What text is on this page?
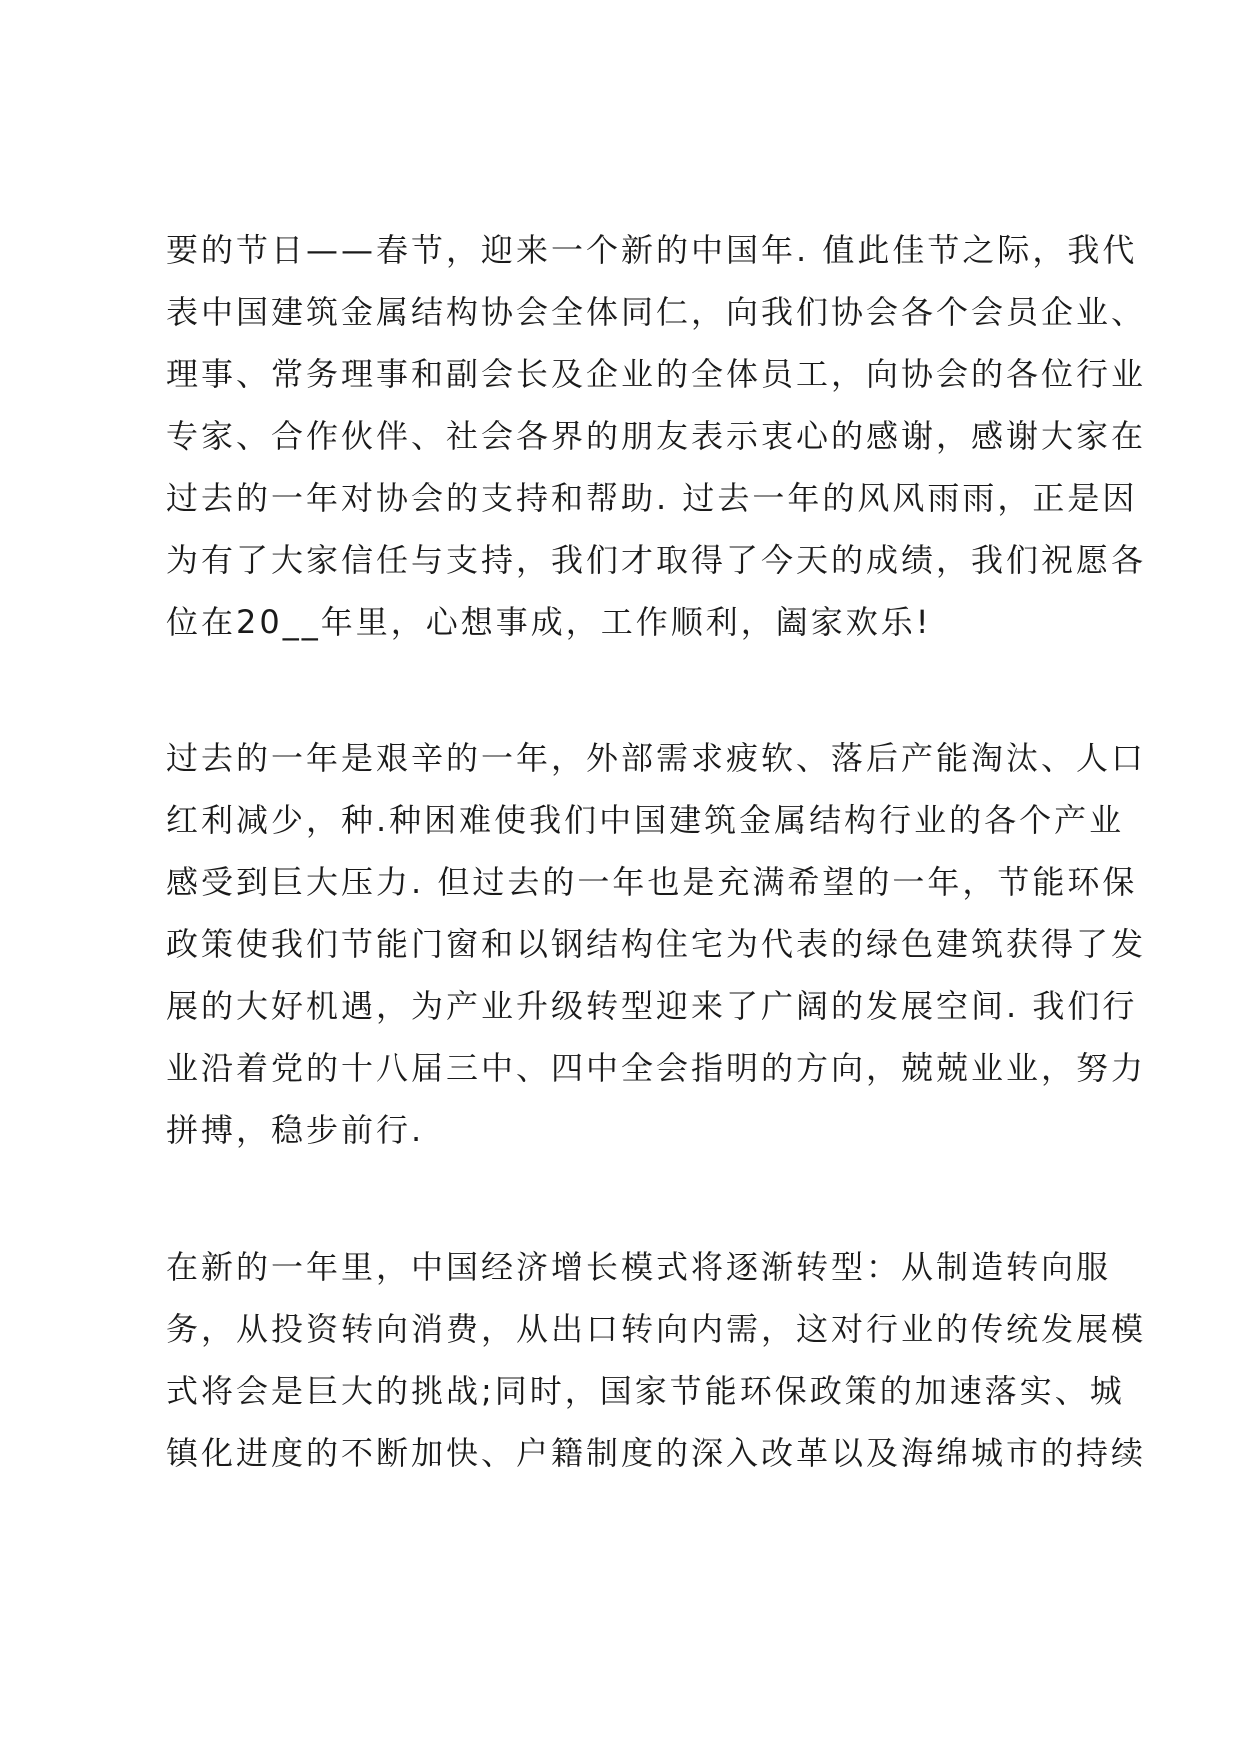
要的节日——春节，迎来一个新的中国年. 值此佳节之际，我代
表中国建筑金属结构协会全体同仁，向我们协会各个会员企业、
理事、常务理事和副会长及企业的全体员工，向协会的各位行业
专家、合作伙伴、社会各界的朋友表示衷心的感谢，感谢大家在
过去的一年对协会的支持和帮助. 过去一年的风风雨雨，正是因
为有了大家信任与支持，我们才取得了今天的成绩，我们祝愿各
位在20__年里，心想事成，工作顺利，阖家欢乐!
过去的一年是艰辛的一年，外部需求疲软、落后产能淘汰、人口
红利减少，种.种困难使我们中国建筑金属结构行业的各个产业
感受到巨大压力. 但过去的一年也是充满希望的一年，节能环保
政策使我们节能门窗和以钢结构住宅为代表的绿色建筑获得了发
展的大好机遇，为产业升级转型迎来了广阔的发展空间. 我们行
业沿着党的十八届三中、四中全会指明的方向，兢兢业业，努力
拼搏，稳步前行.
在新的一年里，中国经济增长模式将逐渐转型：从制造转向服
务，从投资转向消费，从出口转向内需，这对行业的传统发展模
式将会是巨大的挑战;同时，国家节能环保政策的加速落实、城
镇化进度的不断加快、户籍制度的深入改革以及海绵城市的持续
